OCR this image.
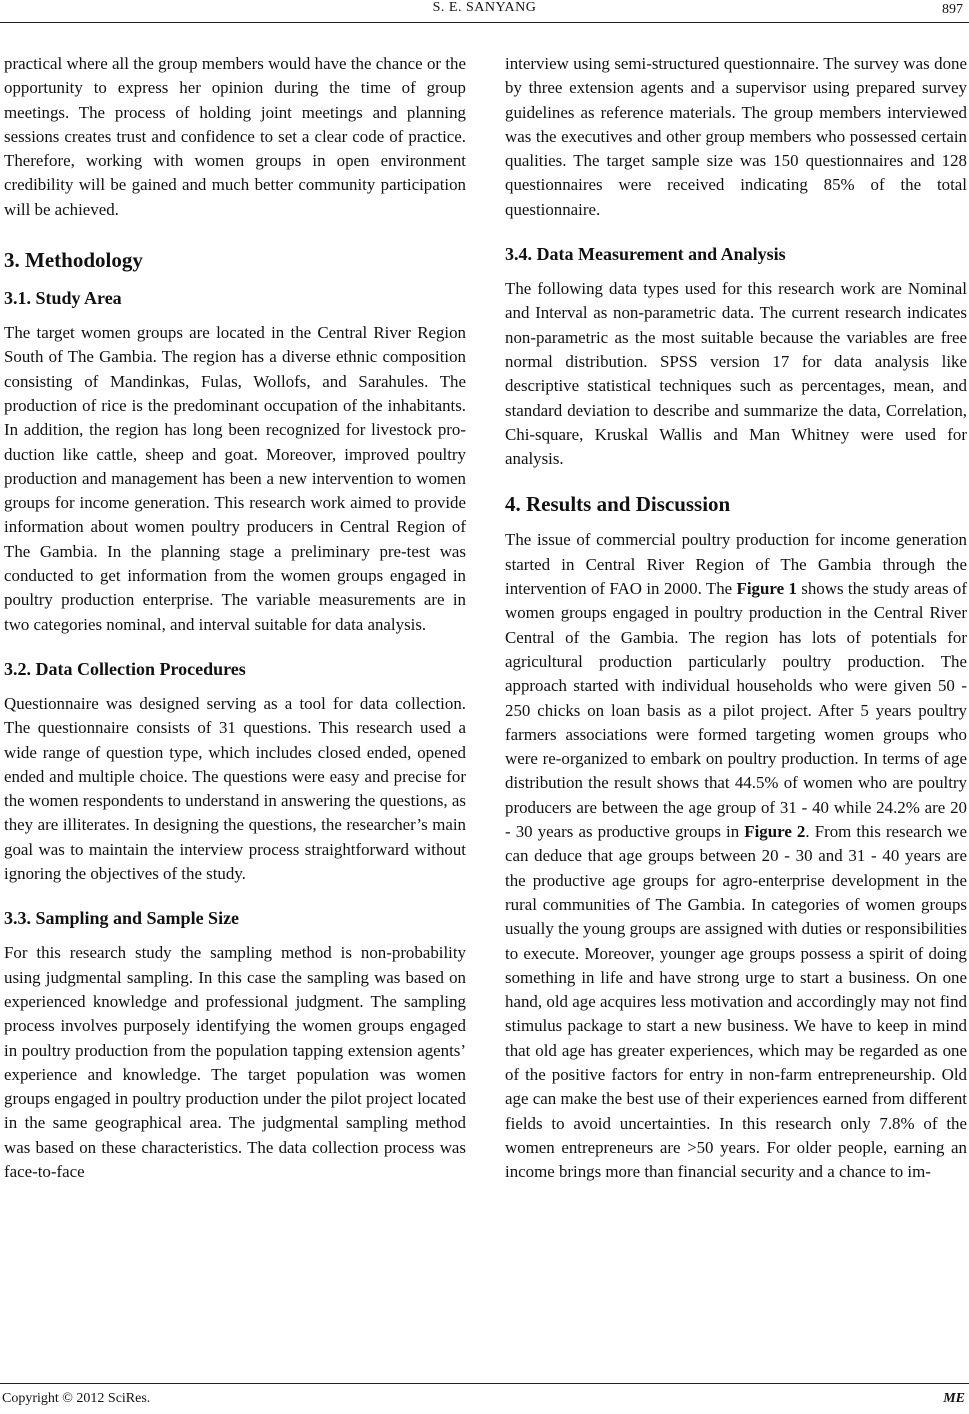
S. E. SANYANG	897

practical where all the group members would have the chance or the opportunity to express her opinion during the time of group meetings. The process of holding joint meetings and planning sessions creates trust and confidence to set a clear code of practice. Therefore, working with women groups in open environment credibility will be gained and much better community participation will be achieved.

3. Methodology
3.1. Study Area

The target women groups are located in the Central River Region South of The Gambia. The region has a diverse ethnic composition consisting of Mandinkas, Fulas, Wollofs, and Sarahules. The production of rice is the predominant occupation of the inhabitants. In addition, the region has long been recognized for livestock production like cattle, sheep and goat. Moreover, improved poultry production and management has been a new intervention to women groups for income generation. This research work aimed to provide information about women poultry producers in Central Region of The Gambia. In the planning stage a preliminary pre-test was conducted to get information from the women groups engaged in poultry production enterprise. The variable measurements are in two categories nominal, and interval suitable for data analysis.

3.2. Data Collection Procedures

Questionnaire was designed serving as a tool for data collection. The questionnaire consists of 31 questions. This research used a wide range of question type, which includes closed ended, opened ended and multiple choice. The questions were easy and precise for the women respondents to understand in answering the questions, as they are illiterates. In designing the questions, the researcher’s main goal was to maintain the interview process straightforward without ignoring the objectives of the study.

3.3. Sampling and Sample Size

For this research study the sampling method is non-probability using judgmental sampling. In this case the sampling was based on experienced knowledge and professional judgment. The sampling process involves purposely identifying the women groups engaged in poultry production from the population tapping extension agents’ experience and knowledge. The target population was women groups engaged in poultry production under the pilot project located in the same geographical area. The judgmental sampling method was based on these characteristics. The data collection process was face-to-face

interview using semi-structured questionnaire. The survey was done by three extension agents and a supervisor using prepared survey guidelines as reference materials. The group members interviewed was the executives and other group members who possessed certain qualities. The target sample size was 150 questionnaires and 128 questionnaires were received indicating 85% of the total questionnaire.

3.4. Data Measurement and Analysis

The following data types used for this research work are Nominal and Interval as non-parametric data. The current research indicates non-parametric as the most suitable because the variables are free normal distribution. SPSS version 17 for data analysis like descriptive statistical techniques such as percentages, mean, and standard deviation to describe and summarize the data, Correlation, Chi-square, Kruskal Wallis and Man Whitney were used for analysis.

4. Results and Discussion

The issue of commercial poultry production for income generation started in Central River Region of The Gambia through the intervention of FAO in 2000. The Figure 1 shows the study areas of women groups engaged in poultry production in the Central River Central of the Gambia. The region has lots of potentials for agricultural production particularly poultry production. The approach started with individual households who were given 50 - 250 chicks on loan basis as a pilot project. After 5 years poultry farmers associations were formed targeting women groups who were re-organized to embark on poultry production. In terms of age distribution the result shows that 44.5% of women who are poultry producers are between the age group of 31 - 40 while 24.2% are 20 - 30 years as productive groups in Figure 2. From this research we can deduce that age groups between 20 - 30 and 31 - 40 years are the productive age groups for agro-enterprise development in the rural communities of The Gambia. In categories of women groups usually the young groups are assigned with duties or responsibilities to execute. Moreover, younger age groups possess a spirit of doing something in life and have strong urge to start a business. On one hand, old age acquires less motivation and accordingly may not find stimulus package to start a new business. We have to keep in mind that old age has greater experiences, which may be regarded as one of the positive factors for entry in non-farm entrepreneurship. Old age can make the best use of their experiences earned from different fields to avoid uncertainties. In this research only 7.8% of the women entrepreneurs are >50 years. For older people, earning an income brings more than financial security and a chance to im-

Copyright © 2012 SciRes.	ME
